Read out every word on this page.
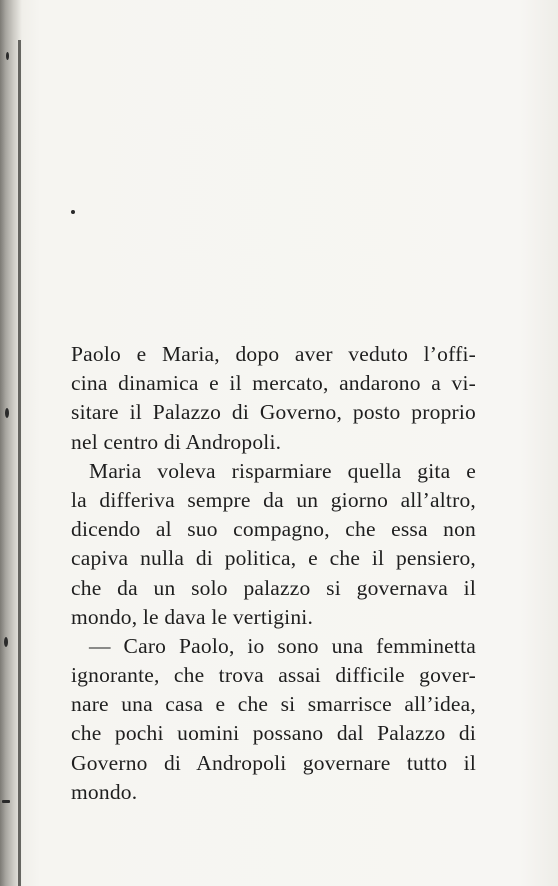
Paolo e Maria, dopo aver veduto l’offi-
cina dinamica e il mercato, andarono a vi-
sitare il Palazzo di Governo, posto proprio
nel centro di Andropoli.
Maria voleva risparmiare quella gita e
la differiva sempre da un giorno all’altro,
dicendo al suo compagno, che essa non
capiva nulla di politica, e che il pensiero,
che da un solo palazzo si governava il
mondo, le dava le vertigini.
— Caro Paolo, io sono una femminetta
ignorante, che trova assai difficile gover-
nare una casa e che si smarrisce all’idea,
che pochi uomini possano dal Palazzo di
Governo di Andropoli governare tutto il
mondo.
